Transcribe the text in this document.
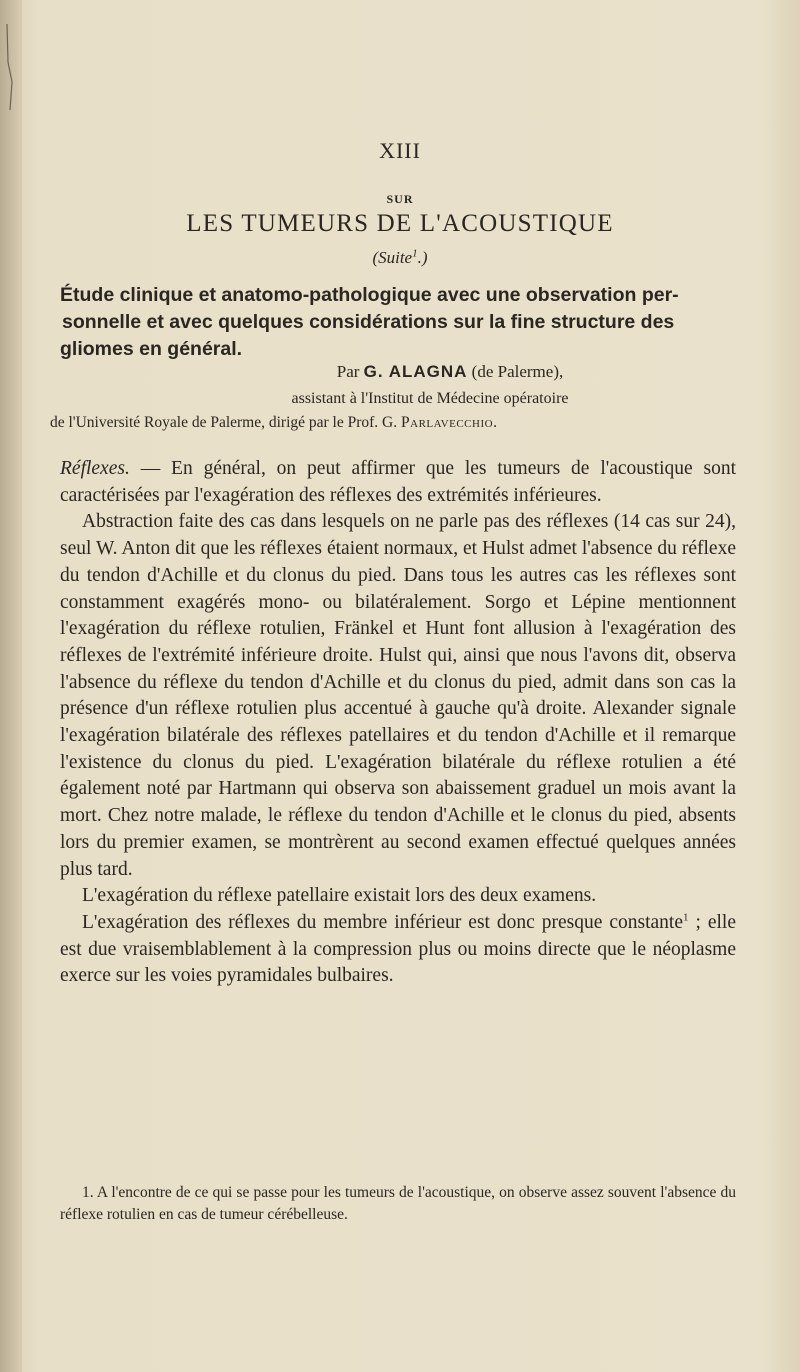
XIII
SUR
LES TUMEURS DE L'ACOUSTIQUE
(Suite$^1$.)
Étude clinique et anatomo-pathologique avec une observation per-
sonnelle et avec quelques considérations sur la fine structure des
gliomes en général.
Par G. ALAGNA (de Palerme),
assistant à l'Institut de Médecine opératoire
de l'Université Royale de Palerme, dirigé par le Prof. G. Parlavecchio.

Réflexes. — En général, on peut affirmer que les tumeurs de l'acoustique sont caractérisées par l'exagération des réflexes des extrémités inférieures.

Abstraction faite des cas dans lesquels on ne parle pas des réflexes (14 cas sur 24), seul W. Anton dit que les réflexes étaient normaux, et Hulst admet l'absence du réflexe du tendon d'Achille et du clonus du pied. Dans tous les autres cas les réflexes sont constamment exagérés mono- ou bilatéralement. Sorgo et Lépine mentionnent l'exagération du réflexe rotulien, Fränkel et Hunt font allusion à l'exagération des réflexes de l'extrémité inférieure droite. Hulst qui, ainsi que nous l'avons dit, observa l'absence du réflexe du tendon d'Achille et du clonus du pied, admit dans son cas la présence d'un réflexe rotulien plus accentué à gauche qu'à droite. Alexander signale l'exagération bilatérale des réflexes patellaires et du tendon d'Achille et il remarque l'existence du clonus du pied. L'exagération bilatérale du réflexe rotulien a été également noté par Hartmann qui observa son abaissement graduel un mois avant la mort. Chez notre malade, le réflexe du tendon d'Achille et le clonus du pied, absents lors du premier examen, se montrèrent au second examen effectué quelques années plus tard.

L'exagération du réflexe patellaire existait lors des deux examens.

L'exagération des réflexes du membre inférieur est donc presque constante$^1$ ; elle est due vraisemblablement à la compression plus ou moins directe que le néoplasme exerce sur les voies pyramidales bulbaires.

1. A l'encontre de ce qui se passe pour les tumeurs de l'acoustique, on observe assez souvent l'absence du réflexe rotulien en cas de tumeur cérébelleuse.
